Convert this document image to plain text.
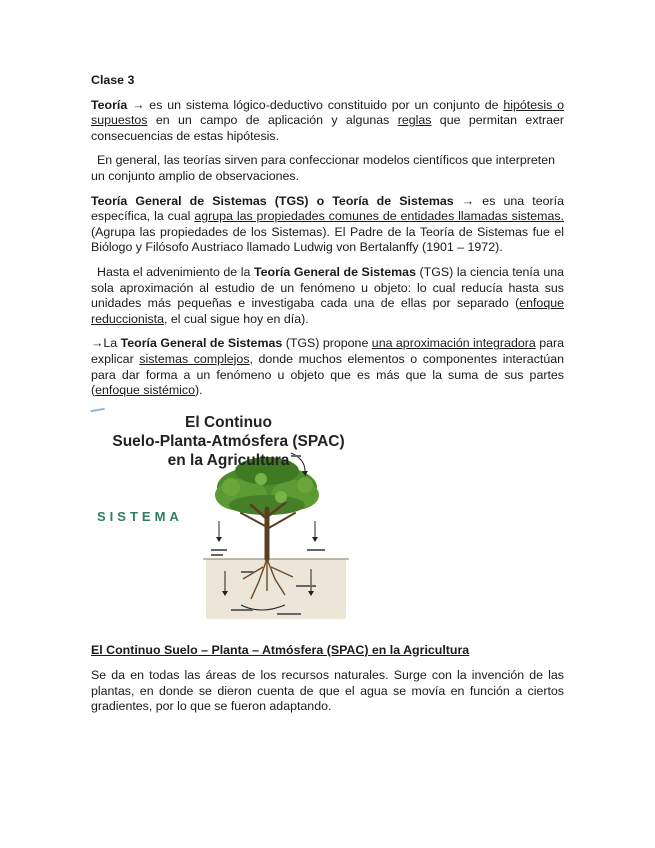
Clase 3

Teoría → es un sistema lógico-deductivo constituido por un conjunto de hipótesis o supuestos en un campo de aplicación y algunas reglas que permitan extraer consecuencias de estas hipótesis.

En general, las teorías sirven para confeccionar modelos científicos que interpreten un conjunto amplio de observaciones.

Teoría General de Sistemas (TGS) o Teoría de Sistemas → es una teoría específica, la cual agrupa las propiedades comunes de entidades llamadas sistemas. (Agrupa las propiedades de los Sistemas). El Padre de la Teoría de Sistemas fue el Biólogo y Filósofo Austriaco llamado Ludwig von Bertalanffy (1901 – 1972).

Hasta el advenimiento de la Teoría General de Sistemas (TGS) la ciencia tenía una sola aproximación al estudio de un fenómeno u objeto: lo cual reducía hasta sus unidades más pequeñas e investigaba cada una de ellas por separado (enfoque reduccionista, el cual sigue hoy en día).

→La Teoría General de Sistemas (TGS) propone una aproximación integradora para explicar sistemas complejos, donde muchos elementos o componentes interactúan para dar forma a un fenómeno u objeto que es más que la suma de sus partes (enfoque sistémico).

El Continuo
Suelo-Planta-Atmósfera (SPAC)
en la Agricultura
SISTEMA

El Continuo Suelo – Planta – Atmósfera (SPAC) en la Agricultura

Se da en todas las áreas de los recursos naturales. Surge con la invención de las plantas, en donde se dieron cuenta de que el agua se movía en función a ciertos gradientes, por lo que se fueron adaptando.
